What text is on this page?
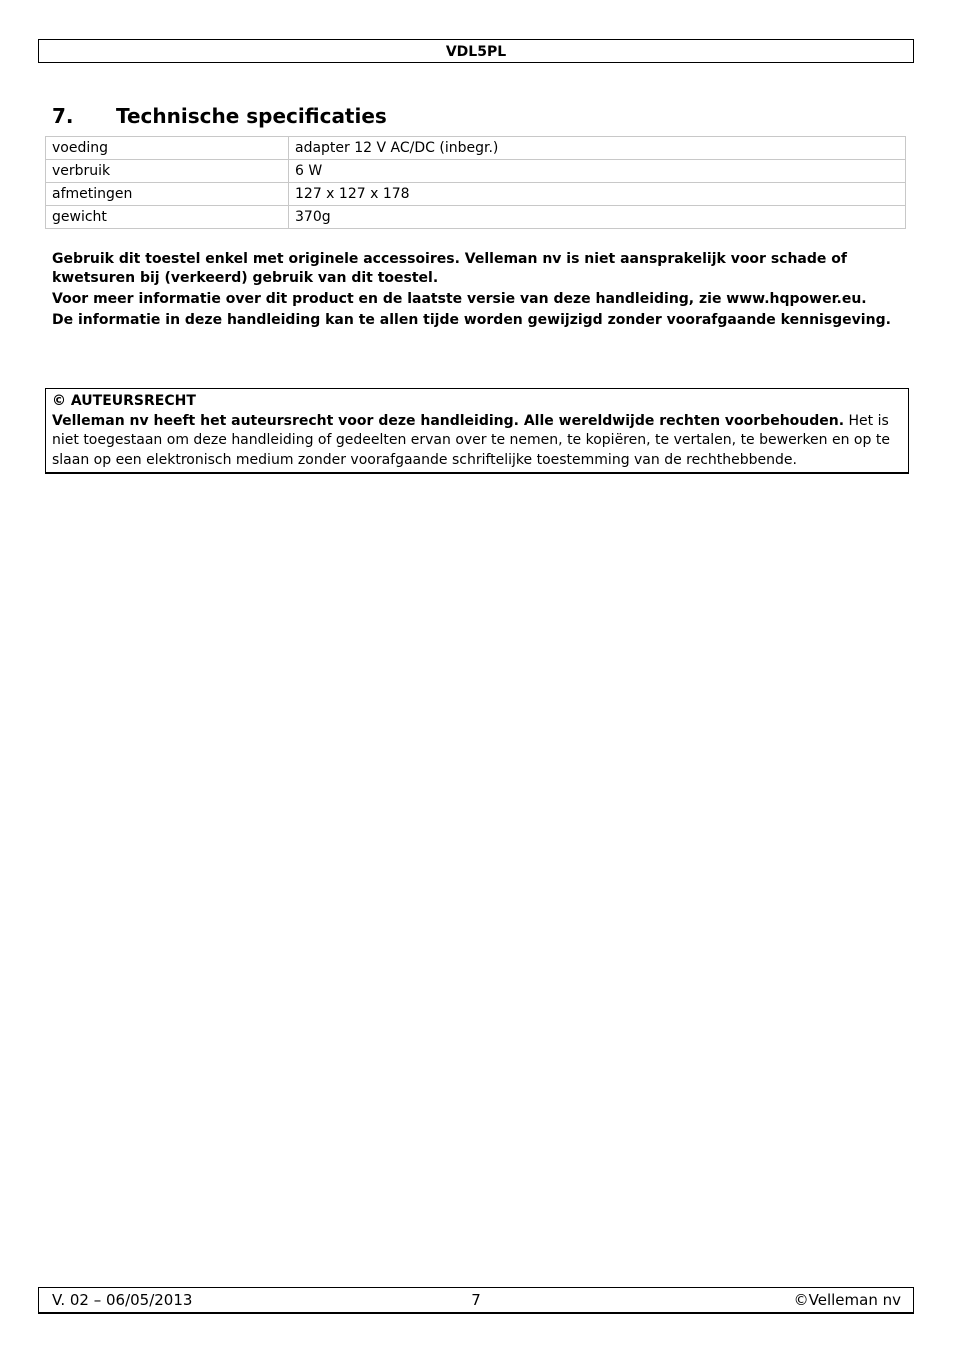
VDL5PL
7. Technische specificaties
voeding	adapter 12 V AC/DC (inbegr.)
verbruik	6 W
afmetingen	127 x 127 x 178
gewicht	370g

Gebruik dit toestel enkel met originele accessoires. Velleman nv is niet aansprakelijk voor schade of kwetsuren bij (verkeerd) gebruik van dit toestel.

Voor meer informatie over dit product en de laatste versie van deze handleiding, zie www.hqpower.eu.

De informatie in deze handleiding kan te allen tijde worden gewijzigd zonder voorafgaande kennisgeving.

© AUTEURSRECHT
Velleman nv heeft het auteursrecht voor deze handleiding. Alle wereldwijde rechten voorbehouden. Het is niet toegestaan om deze handleiding of gedeelten ervan over te nemen, te kopiëren, te vertalen, te bewerken en op te slaan op een elektronisch medium zonder voorafgaande schriftelijke toestemming van de rechthebbende.
7
V. 02 – 06/05/2013	©Velleman nv
